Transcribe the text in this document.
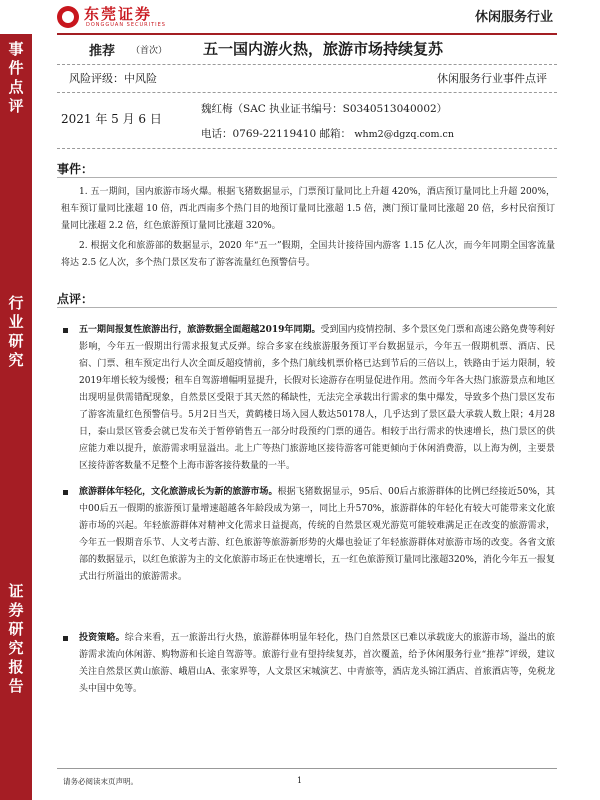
东莞证券
DONGGUAN SECURITIES	休闲服务行业
事件点评
行业研究
证券研究报告
推荐 （首次） 五一国内游火热，旅游市场持续复苏
风险评级：中风险	休闲服务行业事件点评
2021 年 5 月 6 日
魏红梅（SAC 执业证书编号：S0340513040002）
电话：0769-22119410 邮箱： whm2@dgzq.com.cn
事件：

1. 五一期间，国内旅游市场火爆。根据飞猪数据显示，门票预订量同比上升超 420%，酒店预订量同比上升超 200%，租车预订量同比涨超 10 倍，西北西南多个热门目的地预订量同比涨超 1.5 倍，澳门预订量同比涨超 20 倍，乡村民宿预订量同比涨超 2.2 倍，红色旅游预订量同比涨超 320%。

2. 根据文化和旅游部的数据显示，2020 年“五一”假期，全国共计接待国内游客 1.15 亿人次，而今年同期全国客流量将达 2.5 亿人次，多个热门景区发布了游客流量红色预警信号。

点评：

五一期间报复性旅游出行，旅游数据全面超越2019年同期。受到国内疫情控制、多个景区免门票和高速公路免费等利好影响，今年五一假期出行需求报复式反弹。综合多家在线旅游服务预订平台数据显示，今年五一假期机票、酒店、民宿、门票、租车预定出行人次全面反超疫情前，多个热门航线机票价格已达到节后的三倍以上，铁路由于运力限制，较2019年增长较为缓慢；租车自驾游增幅明显提升，长假对长途游存在明显促进作用。然而今年各大热门旅游景点和地区出现明显供需错配现象，自然景区受限于其天然的稀缺性，无法完全承载出行需求的集中爆发，导致多个热门景区发布了游客流量红色预警信号。5月2日当天，黄鹤楼日场入园人数达50178人，几乎达到了景区最大承载人数上限；4月28日，泰山景区管委会就已发布关于暂停销售五一部分时段预约门票的通告。相较于出行需求的快速增长，热门景区的供应能力难以提升，旅游需求明显溢出。北上广等热门旅游地区接待游客可能更倾向于休闲消费游，以上海为例，主要景区接待游客数量不足整个上海市游客接待数量的一半。

旅游群体年轻化，文化旅游成长为新的旅游市场。根据飞猪数据显示，95后、00后占旅游群体的比例已经接近50%，其中00后五一假期的旅游预订量增速超越各年龄段成为第一，同比上升570%，旅游群体的年轻化有较大可能带来文化旅游市场的兴起。年轻旅游群体对精神文化需求日益提高，传统的自然景区观光游览可能较难满足正在改变的旅游需求，今年五一假期音乐节、人文考古游、红色旅游等旅游新形势的火爆也验证了年轻旅游群体对旅游市场的改变。各省文旅部的数据显示，以红色旅游为主的文化旅游市场正在快速增长，五一红色旅游预订量同比涨超320%，消化今年五一报复式出行所溢出的旅游需求。

投资策略。综合来看，五一旅游出行火热，旅游群体明显年轻化，热门自然景区已难以承载庞大的旅游市场，溢出的旅游需求流向休闲游、购物游和长途自驾游等。旅游行业有望持续复苏，首次覆盖，给予休闲服务行业“推荐”评级，建议关注自然景区黄山旅游、峨眉山A、张家界等，人文景区宋城演艺、中青旅等，酒店龙头锦江酒店、首旅酒店等，免税龙头中国中免等。

请务必阅读末页声明。	1
